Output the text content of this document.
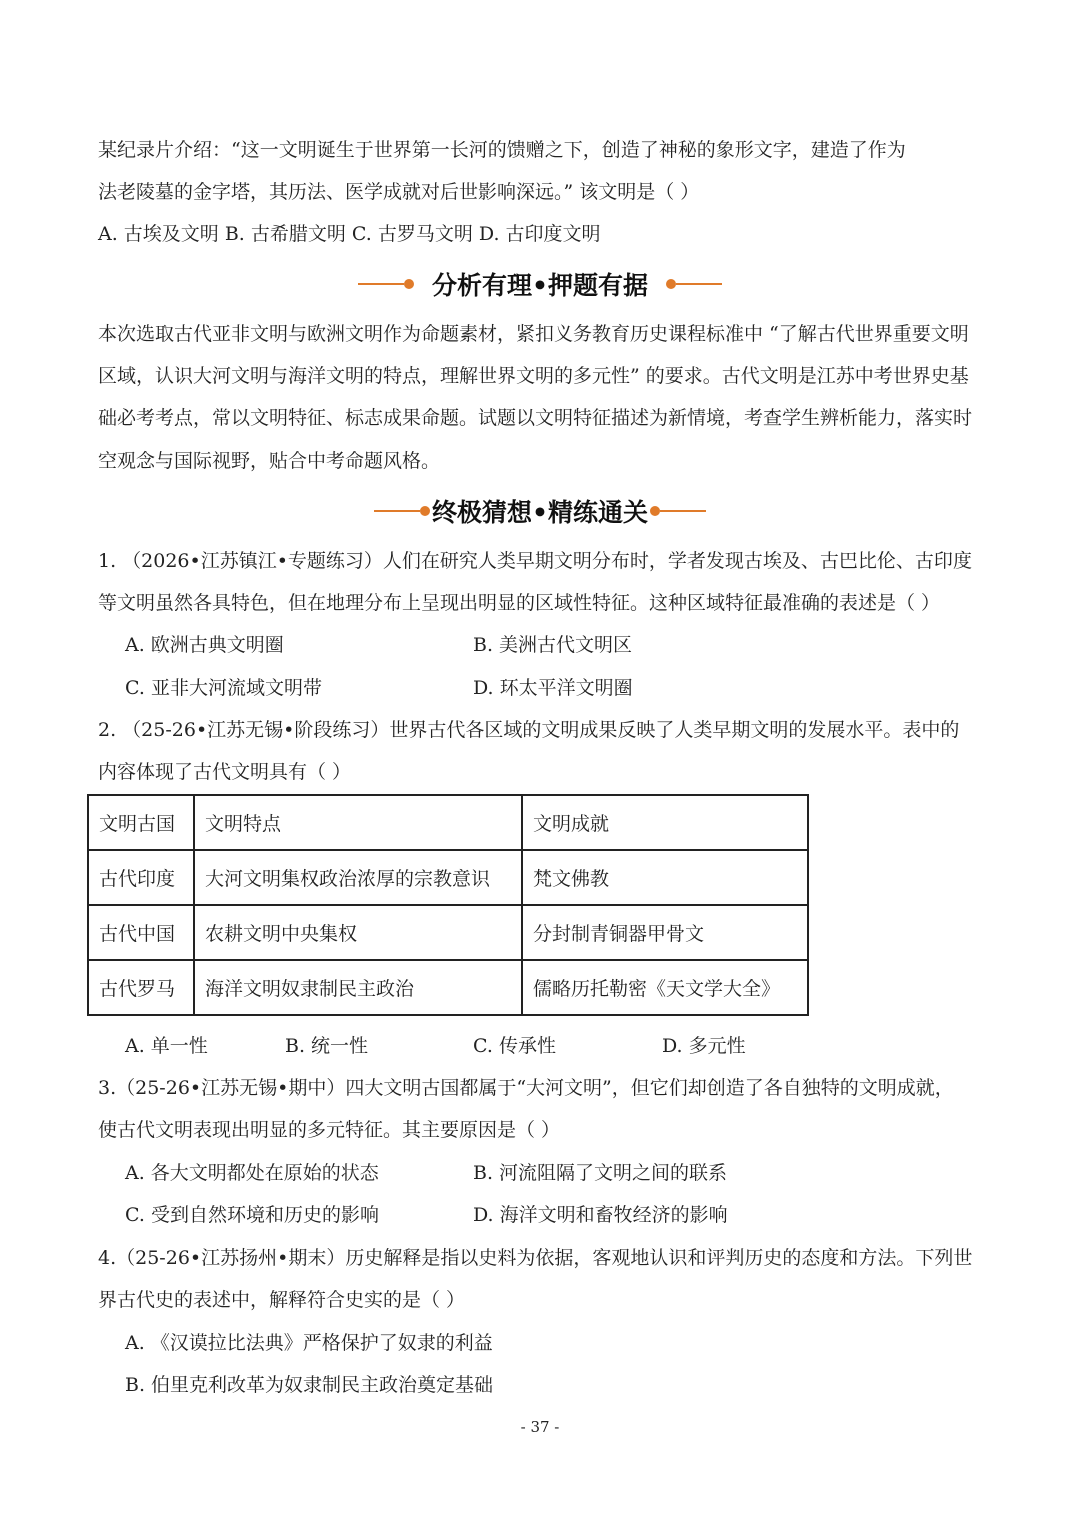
某纪录片介绍：“这一文明诞生于世界第一长河的馈赠之下，创造了神秘的象形文字，建造了作为
法老陵墓的金字塔，其历法、医学成就对后世影响深远。” 该文明是（ ）
A. 古埃及文明 B. 古希腊文明 C. 古罗马文明 D. 古印度文明
分析有理•押题有据
本次选取古代亚非文明与欧洲文明作为命题素材，紧扣义务教育历史课程标准中 “了解古代世界重要文明
区域，认识大河文明与海洋文明的特点，理解世界文明的多元性” 的要求。古代文明是江苏中考世界史基
础必考考点，常以文明特征、标志成果命题。试题以文明特征描述为新情境，考查学生辨析能力，落实时
空观念与国际视野，贴合中考命题风格。
终极猜想•精练通关
1. （2026•江苏镇江•专题练习）人们在研究人类早期文明分布时，学者发现古埃及、古巴比伦、古印度
等文明虽然各具特色，但在地理分布上呈现出明显的区域性特征。这种区域特征最准确的表述是（ ）
A. 欧洲古典文明圈	B. 美洲古代文明区
C. 亚非大河流域文明带	D. 环太平洋文明圈
2. （25-26•江苏无锡•阶段练习）世界古代各区域的文明成果反映了人类早期文明的发展水平。表中的
内容体现了古代文明具有（ ）
文明古国	文明特点	文明成就
古代印度	大河文明集权政治浓厚的宗教意识	梵文佛教
古代中国	农耕文明中央集权	分封制青铜器甲骨文
古代罗马	海洋文明奴隶制民主政治	儒略历托勒密《天文学大全》
A. 单一性	B. 统一性	C. 传承性	D. 多元性
3.（25-26•江苏无锡•期中）四大文明古国都属于“大河文明”，但它们却创造了各自独特的文明成就，
使古代文明表现出明显的多元特征。其主要原因是（ ）
A. 各大文明都处在原始的状态	B. 河流阻隔了文明之间的联系
C. 受到自然环境和历史的影响	D. 海洋文明和畜牧经济的影响
4.（25-26•江苏扬州•期末）历史解释是指以史料为依据，客观地认识和评判历史的态度和方法。下列世
界古代史的表述中，解释符合史实的是（ ）
A. 《汉谟拉比法典》严格保护了奴隶的利益
B. 伯里克利改革为奴隶制民主政治奠定基础
- 37 -
